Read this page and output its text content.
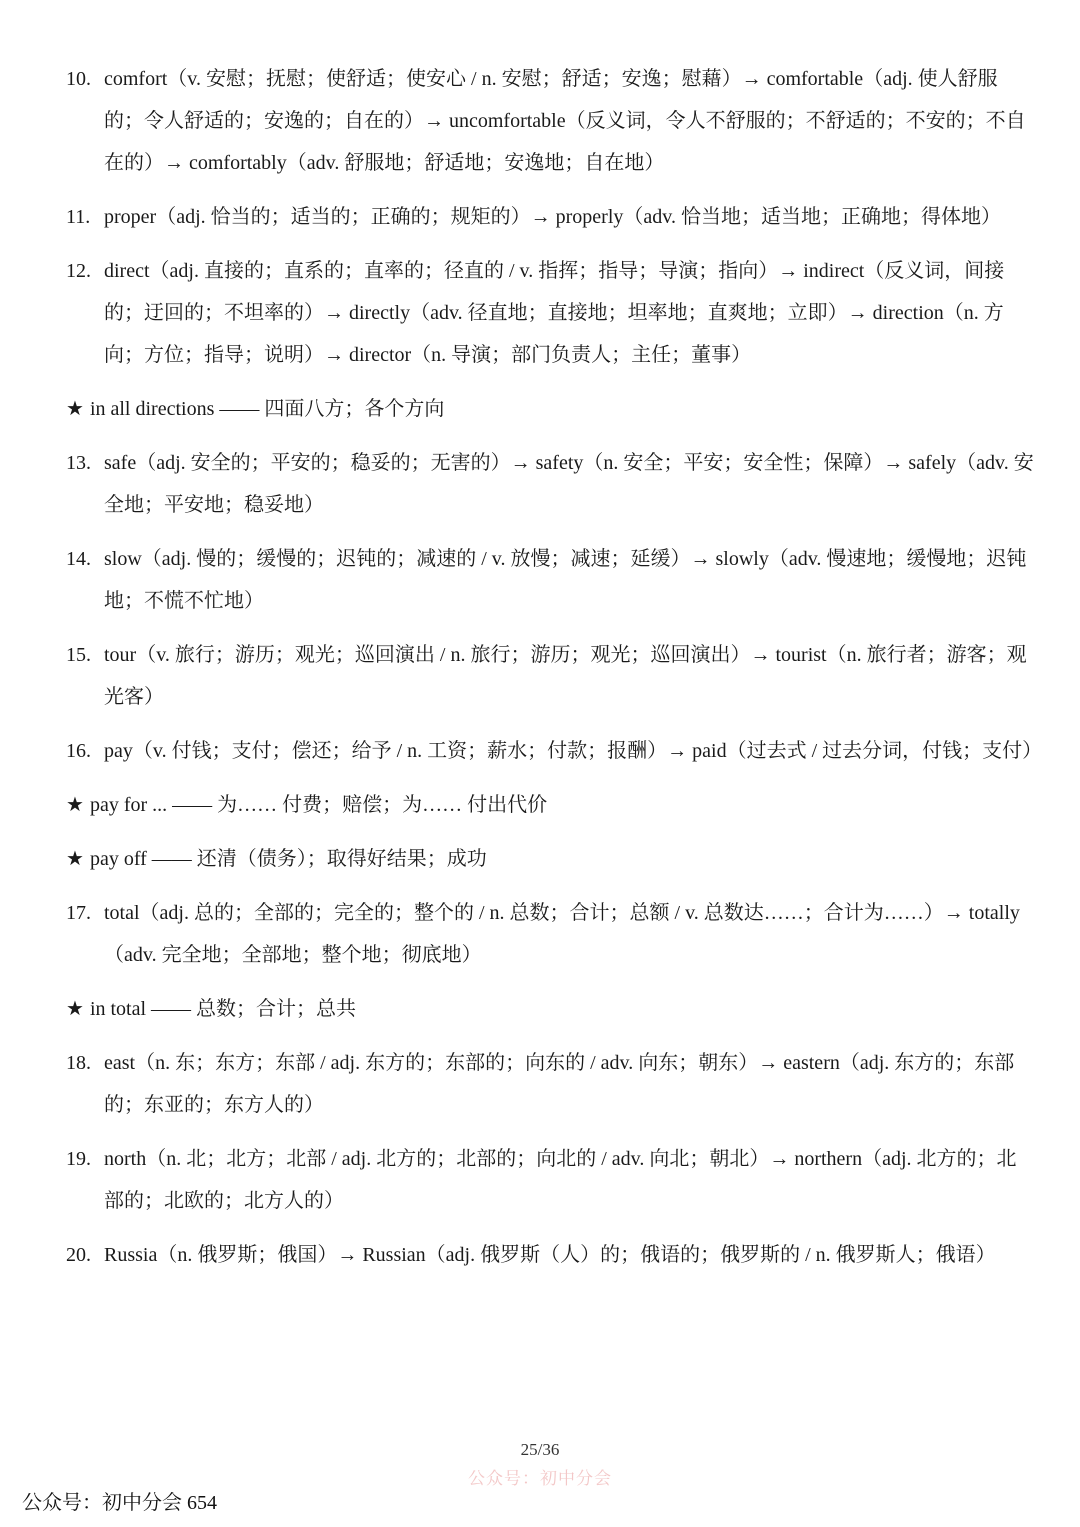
10. comfort（v. 安慰；抚慰；使舒适；使安心 / n. 安慰；舒适；安逸；慰藉）→ comfortable（adj. 使人舒服的；令人舒适的；安逸的；自在的）→ uncomfortable（反义词，令人不舒服的；不舒适的；不安的；不自在的）→ comfortably（adv. 舒服地；舒适地；安逸地；自在地）
11. proper（adj. 恰当的；适当的；正确的；规矩的）→ properly（adv. 恰当地；适当地；正确地；得体地）
12. direct（adj. 直接的；直系的；直率的；径直的 / v. 指挥；指导；导演；指向）→ indirect（反义词，间接的；迂回的；不坦率的）→ directly（adv. 径直地；直接地；坦率地；直爽地；立即）→ direction（n. 方向；方位；指导；说明）→ director（n. 导演；部门负责人；主任；董事）
★ in all directions —— 四面八方；各个方向
13. safe（adj. 安全的；平安的；稳妥的；无害的）→ safety（n. 安全；平安；安全性；保障）→ safely（adv. 安全地；平安地；稳妥地）
14. slow（adj. 慢的；缓慢的；迟钝的；减速的 / v. 放慢；减速；延缓）→ slowly（adv. 慢速地；缓慢地；迟钝地；不慌不忙地）
15. tour（v. 旅行；游历；观光；巡回演出 / n. 旅行；游历；观光；巡回演出）→ tourist（n. 旅行者；游客；观光客）
16. pay（v. 付钱；支付；偿还；给予 / n. 工资；薪水；付款；报酬）→ paid（过去式 / 过去分词，付钱；支付）
★ pay for ... —— 为…… 付费；赔偿；为…… 付出代价
★ pay off —— 还清（债务）；取得好结果；成功
17. total（adj. 总的；全部的；完全的；整个的 / n. 总数；合计；总额 / v. 总数达……；合计为……）→ totally（adv. 完全地；全部地；整个地；彻底地）
★ in total —— 总数；合计；总共
18. east（n. 东；东方；东部 / adj. 东方的；东部的；向东的 / adv. 向东；朝东）→ eastern（adj. 东方的；东部的；东亚的；东方人的）
19. north（n. 北；北方；北部 / adj. 北方的；北部的；向北的 / adv. 向北；朝北）→ northern（adj. 北方的；北部的；北欧的；北方人的）
20. Russia（n. 俄罗斯；俄国）→ Russian（adj. 俄罗斯（人）的；俄语的；俄罗斯的 / n. 俄罗斯人；俄语）
25/36
公众号：初中分会
公众号：初中分会 654
